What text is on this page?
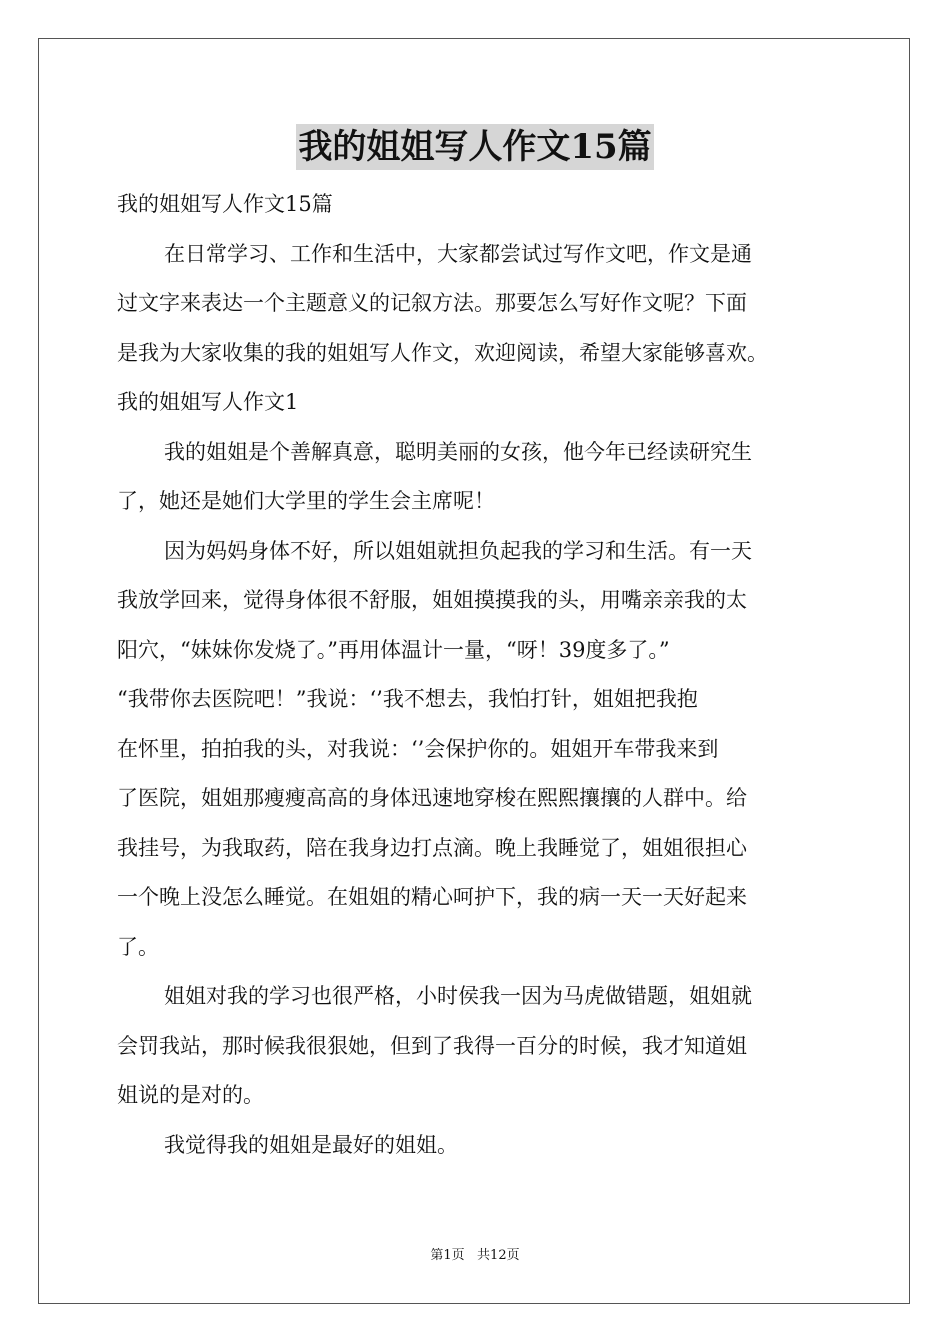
我的姐姐写人作文15篇
我的姐姐写人作文15篇
在日常学习、工作和生活中，大家都尝试过写作文吧，作文是通
过文字来表达一个主题意义的记叙方法。那要怎么写好作文呢？下面
是我为大家收集的我的姐姐写人作文，欢迎阅读，希望大家能够喜欢。
我的姐姐写人作文1
我的姐姐是个善解真意，聪明美丽的女孩，他今年已经读研究生
了，她还是她们大学里的学生会主席呢！
因为妈妈身体不好，所以姐姐就担负起我的学习和生活。有一天
我放学回来，觉得身体很不舒服，姐姐摸摸我的头，用嘴亲亲我的太
阳穴，“妹妹你发烧了。”再用体温计一量，“呀！39度多了。”
“我带你去医院吧！”我说：‘’我不想去，我怕打针，姐姐把我抱
在怀里，拍拍我的头，对我说：‘’会保护你的。姐姐开车带我来到
了医院，姐姐那瘦瘦高高的身体迅速地穿梭在熙熙攘攘的人群中。给
我挂号，为我取药，陪在我身边打点滴。晚上我睡觉了，姐姐很担心
一个晚上没怎么睡觉。在姐姐的精心呵护下，我的病一天一天好起来
了。
姐姐对我的学习也很严格，小时侯我一因为马虎做错题，姐姐就
会罚我站，那时候我很狠她，但到了我得一百分的时候，我才知道姐
姐说的是对的。
我觉得我的姐姐是最好的姐姐。
第1页   共12页
